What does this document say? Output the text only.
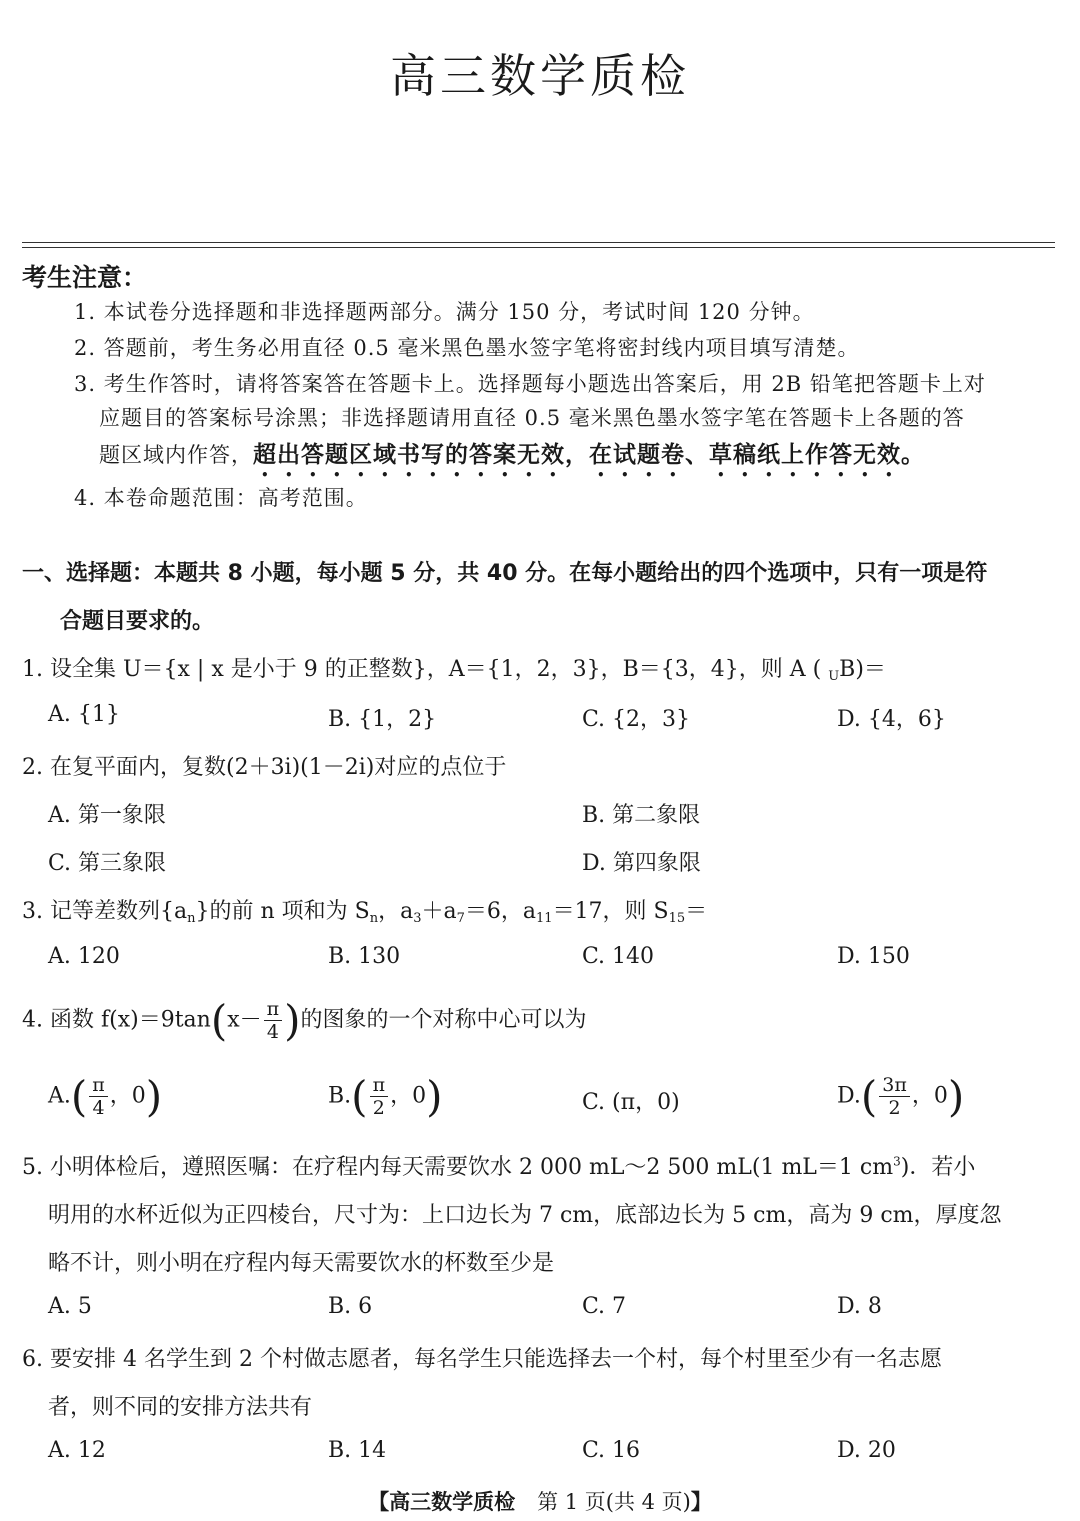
高三数学质检
考生注意：
1. 本试卷分选择题和非选择题两部分。满分 150 分，考试时间 120 分钟。
2. 答题前，考生务必用直径 0.5 毫米黑色墨水签字笔将密封线内项目填写清楚。
3. 考生作答时，请将答案答在答题卡上。选择题每小题选出答案后，用 2B 铅笔把答题卡上对
应题目的答案标号涂黑；非选择题请用直径 0.5 毫米黑色墨水签字笔在答题卡上各题的答
题区域内作答，超出答题区域书写的答案无效，在试题卷、草稿纸上作答无效。
4. 本卷命题范围：高考范围。
一、选择题：本题共 8 小题，每小题 5 分，共 40 分。在每小题给出的四个选项中，只有一项是符
合题目要求的。
1. 设全集 U＝{x | x 是小于 9 的正整数}，A＝{1，2，3}，B＝{3，4}，则 A ( $_U$B)＝
A. {1}	B. {1，2}	C. {2，3}	D. {4，6}
2. 在复平面内，复数(2＋3i)(1－2i)对应的点位于
A. 第一象限	B. 第二象限
C. 第三象限	D. 第四象限
3. 记等差数列$\{a_n\}$的前 n 项和为 $S_n$，$a_3+a_7=6$，$a_{11}=17$，则 $S_{15}=$
A. 120	B. 130	C. 140	D. 150
4. 函数 $f(x)=9\tan(x- \frac{\pi}{4}$ )的图象的一个对称中心可以为
$A.( \frac{\pi}{4}$ ，0)	$B.( \frac{\pi}{2}$ ，0)	C. (π，0)	$D.( \frac{3\pi}{2}$ ，0)
5. 小明体检后，遵照医嘱：在疗程内每天需要饮水 2 000 mL～2 500 mL(1 mL＝1 $cm^3$)．若小
明用的水杯近似为正四棱台，尺寸为：上口边长为 7 cm，底部边长为 5 cm，高为 9 cm，厚度忽
略不计，则小明在疗程内每天需要饮水的杯数至少是
A. 5	B. 6	C. 7	D. 8
6. 要安排 4 名学生到 2 个村做志愿者，每名学生只能选择去一个村，每个村里至少有一名志愿
者，则不同的安排方法共有
A. 12	B. 14	C. 16	D. 20
【高三数学质检 第 1 页(共 4 页)】
